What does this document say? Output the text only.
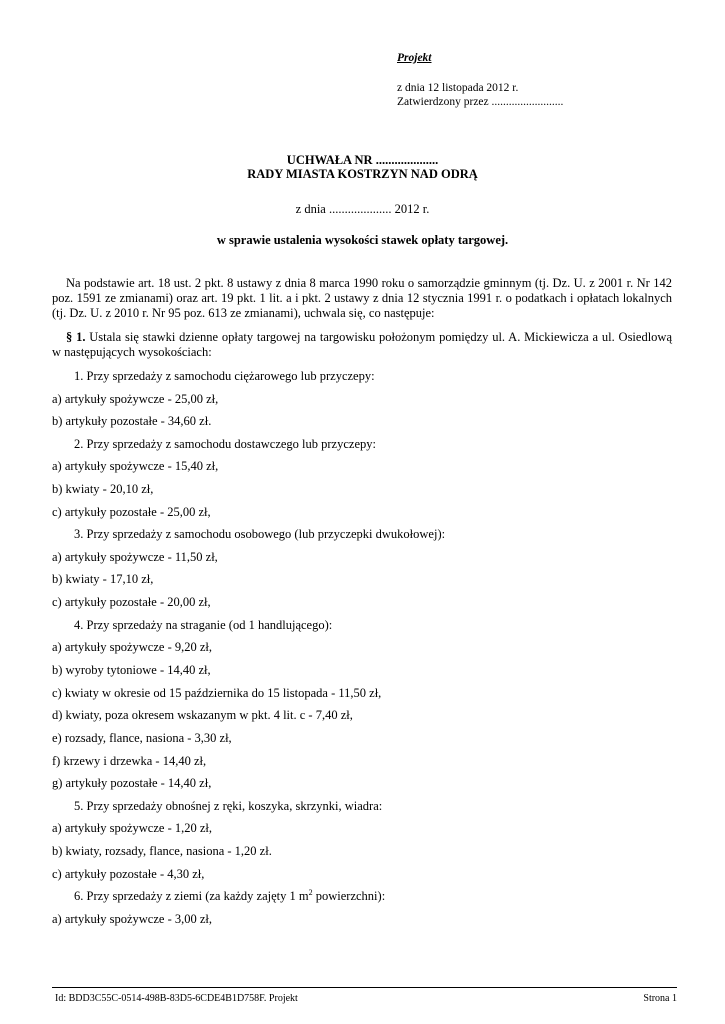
Projekt
z dnia 12 listopada 2012 r.
Zatwierdzony przez .........................
UCHWAŁA NR ....................
RADY MIASTA KOSTRZYN NAD ODRĄ
z dnia .................... 2012 r.
w sprawie ustalenia wysokości stawek opłaty targowej.
Na podstawie art. 18 ust. 2 pkt. 8 ustawy z dnia 8 marca 1990 roku o samorządzie gminnym (tj. Dz. U. z 2001 r. Nr 142 poz. 1591 ze zmianami) oraz art. 19 pkt. 1 lit. a i pkt. 2 ustawy z dnia 12 stycznia 1991 r. o podatkach i opłatach lokalnych (tj. Dz. U. z 2010 r. Nr 95 poz. 613 ze zmianami), uchwala się, co następuje:
§ 1. Ustala się stawki dzienne opłaty targowej na targowisku położonym pomiędzy ul. A. Mickiewicza a ul. Osiedlową w następujących wysokościach:
1. Przy sprzedaży z samochodu ciężarowego lub przyczepy:
a) artykuły spożywcze - 25,00 zł,
b) artykuły pozostałe - 34,60 zł.
2. Przy sprzedaży z samochodu dostawczego lub przyczepy:
a) artykuły spożywcze - 15,40 zł,
b) kwiaty - 20,10 zł,
c) artykuły pozostałe - 25,00 zł,
3. Przy sprzedaży z samochodu osobowego (lub przyczepki dwukołowej):
a) artykuły spożywcze - 11,50 zł,
b) kwiaty - 17,10 zł,
c) artykuły pozostałe - 20,00 zł,
4. Przy sprzedaży na straganie (od 1 handlującego):
a) artykuły spożywcze - 9,20 zł,
b) wyroby tytoniowe - 14,40 zł,
c) kwiaty w okresie od 15 października do 15 listopada - 11,50 zł,
d) kwiaty, poza okresem wskazanym w pkt. 4 lit. c - 7,40 zł,
e) rozsady, flance, nasiona - 3,30 zł,
f) krzewy i drzewka - 14,40 zł,
g) artykuły pozostałe - 14,40 zł,
5. Przy sprzedaży obnośnej z ręki, koszyka, skrzynki, wiadra:
a) artykuły spożywcze - 1,20 zł,
b) kwiaty, rozsady, flance, nasiona - 1,20 zł.
c) artykuły pozostałe - 4,30 zł,
6. Przy sprzedaży z ziemi (za każdy zajęty 1 $m^2$ powierzchni):
a) artykuły spożywcze - 3,00 zł,
Id: BDD3C55C-0514-498B-83D5-6CDE4B1D758F. Projekt	Strona 1
